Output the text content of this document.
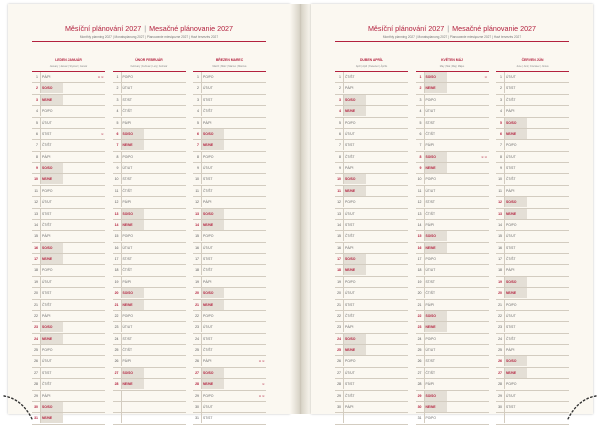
Měsíční plánování 2027 | Mesačné plánovanie 2027
Monthly planning 2027 | Monatsplanung 2027 | Planowanie miesięczne 2027 | Havi tervezés 2027
LEDEN JANUÁR
January | Januar | Styczeń | Január
1 PÁ/PI	☺☺
2 SO/SO
3 NE/NE
4 PO/PO
5 ÚT/UT
6 ST/ST	☺
7 ČT/ŠT
8 PÁ/PI
9 SO/SO
10 NE/NE
11 PO/PO
12 ÚT/UT
13 ST/ST
14 ČT/ŠT
15 PÁ/PI
16 SO/SO
17 NE/NE
18 PO/PO
19 ÚT/UT
20 ST/ST
21 ČT/ŠT
22 PÁ/PI
23 SO/SO
24 NE/NE
25 PO/PO
26 ÚT/UT
27 ST/ST
28 ČT/ŠT
29 PÁ/PI
30 SO/SO
31 NE/NE
ÚNOR FEBRUÁR
February | Februar | Luty | Február
1 PO/PO
2 ÚT/UT
3 ST/ST
4 ČT/ŠT
5 PÁ/PI
6 SO/SO
7 NE/NE
8 PO/PO
9 ÚT/UT
10 ST/ST
11 ČT/ŠT
12 PÁ/PI
13 SO/SO
14 NE/NE
15 PO/PO
16 ÚT/UT
17 ST/ST
18 ČT/ŠT
19 PÁ/PI
20 SO/SO
21 NE/NE
22 PO/PO
23 ÚT/UT
24 ST/ST
25 ČT/ŠT
26 PÁ/PI
27 SO/SO
28 NE/NE
BŘEZEN MAREC
March | März | Marzec | Március
1 PO/PO
2 ÚT/UT
3 ST/ST
4 ČT/ŠT
5 PÁ/PI
6 SO/SO
7 NE/NE
8 PO/PO
9 ÚT/UT
10 ST/ST
11 ČT/ŠT
12 PÁ/PI
13 SO/SO
14 NE/NE
15 PO/PO
16 ÚT/UT
17 ST/ST
18 ČT/ŠT
19 PÁ/PI
20 SO/SO
21 NE/NE
22 PO/PO
23 ÚT/UT
24 ST/ST
25 ČT/ŠT
26 PÁ/PI	☺☺
27 SO/SO
28 NE/NE	☺
29 PO/PO	☺☺
30 ÚT/UT
31 ST/ST
Měsíční plánování 2027 | Mesačné plánovanie 2027
Monthly planning 2027 | Monatsplanung 2027 | Planowanie miesięczne 2027 | Havi tervezés 2027
DUBEN APRÍL
April | April | Kwiecień | Április
1 ČT/ŠT
2 PÁ/PI
3 SO/SO
4 NE/NE
5 PO/PO
6 ÚT/UT
7 ST/ST
8 ČT/ŠT
9 PÁ/PI
10 SO/SO
11 NE/NE
12 PO/PO
13 ÚT/UT
14 ST/ST
15 ČT/ŠT
16 PÁ/PI
17 SO/SO
18 NE/NE
19 PO/PO
20 ÚT/UT
21 ST/ST
22 ČT/ŠT
23 PÁ/PI
24 SO/SO
25 NE/NE
26 PO/PO
27 ÚT/UT
28 ST/ST
29 ČT/ŠT
30 PÁ/PI
KVĚTEN MÁJ
May | Mai | Maj | Május
1 SO/SO	☺
2 NE/NE
3 PO/PO
4 ÚT/UT
5 ST/ST
6 ČT/ŠT
7 PÁ/PI
8 SO/SO	☺☺
9 NE/NE
10 PO/PO
11 ÚT/UT
12 ST/ST
13 ČT/ŠT
14 PÁ/PI
15 SO/SO
16 NE/NE
17 PO/PO
18 ÚT/UT
19 ST/ST
20 ČT/ŠT
21 PÁ/PI
22 SO/SO
23 NE/NE
24 PO/PO
25 ÚT/UT
26 ST/ST
27 ČT/ŠT
28 PÁ/PI
29 SO/SO
30 NE/NE
31 PO/PO
ČERVEN JÚN
June | Juni | Czerwiec | Június
1 ÚT/UT
2 ST/ST
3 ČT/ŠT
4 PÁ/PI
5 SO/SO
6 NE/NE
7 PO/PO
8 ÚT/UT
9 ST/ST
10 ČT/ŠT
11 PÁ/PI
12 SO/SO
13 NE/NE
14 PO/PO
15 ÚT/UT
16 ST/ST
17 ČT/ŠT
18 PÁ/PI
19 SO/SO
20 NE/NE
21 PO/PO
22 ÚT/UT
23 ST/ST
24 ČT/ŠT
25 PÁ/PI
26 SO/SO
27 NE/NE
28 PO/PO
29 ÚT/UT
30 ST/ST
